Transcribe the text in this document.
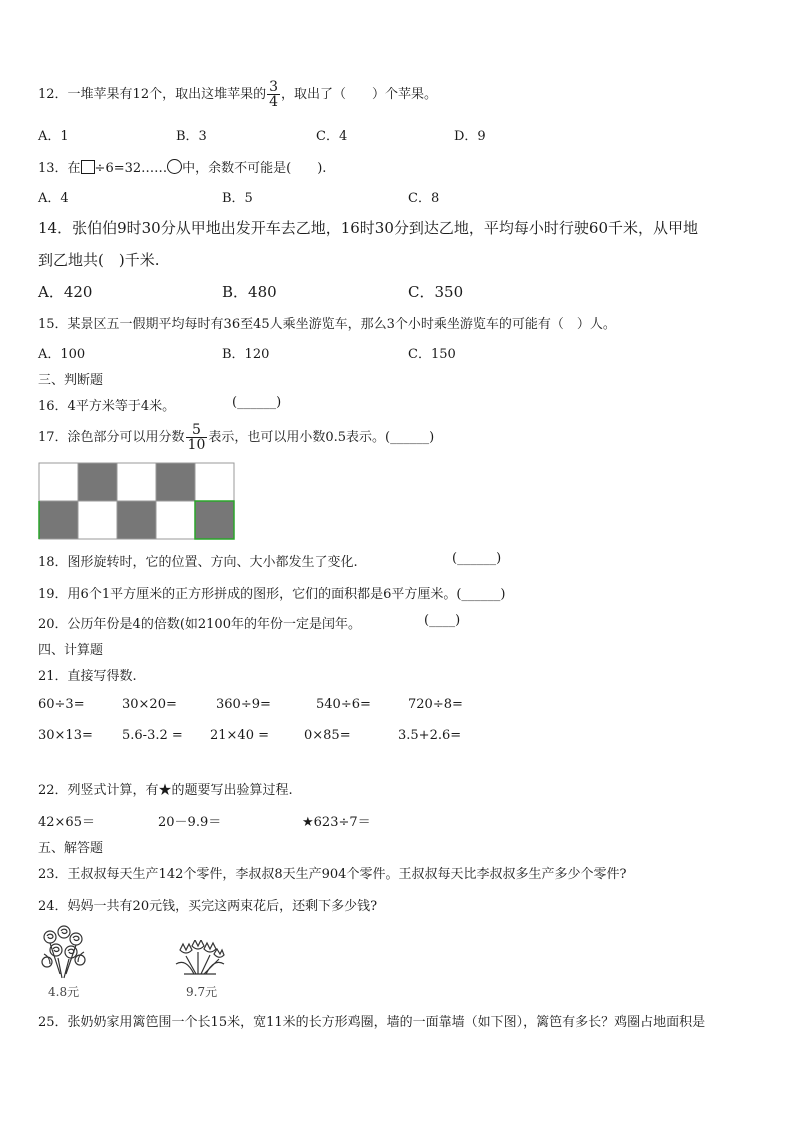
12．一堆苹果有12个，取出这堆苹果的 $\frac{3}{4}$ ，取出了（　　）个苹果。
A．1	B．3	C．4	D．9
13．在 ÷6=32…… 中，余数不可能是(　　).
A．4	B．5	C．8
14．张伯伯9时30分从甲地出发开车去乙地，16时30分到达乙地，平均每小时行驶60千米，从甲地
到乙地共(　)千米.
A．420	B．480	C．350
15．某景区五一假期平均每时有36至45人乘坐游览车，那么3个小时乘坐游览车的可能有（　）人。
A．100	B．120	C．150
三、判断题
16．4平方米等于4米。	(______)
17．涂色部分可以用分数 $\frac{5}{10}$ 表示，也可以用小数0.5表示。(______)
18．图形旋转时，它的位置、方向、大小都发生了变化.	(______)
19．用6个1平方厘米的正方形拼成的图形，它们的面积都是6平方厘米。(______)
20．公历年份是4的倍数(如2100年的年份一定是闰年。	(____)
四、计算题
21．直接写得数.
60÷3=	30×20=	360÷9=	540÷6=	720÷8=
30×13= 5.6-3.2 = 21×40 =	0×85=	3.5+2.6=
22．列竖式计算，有★的题要写出验算过程.
42×65＝	20－9.9＝	★623÷7＝
五、解答题
23．王叔叔每天生产142个零件，李叔叔8天生产904个零件。王叔叔每天比李叔叔多生产多少个零件?
24．妈妈一共有20元钱，买完这两束花后，还剩下多少钱?
4.8元	9.7元
25．张奶奶家用篱笆围一个长15米，宽11米的长方形鸡圈，墙的一面靠墙（如下图），篱笆有多长？鸡圈占地面积是
